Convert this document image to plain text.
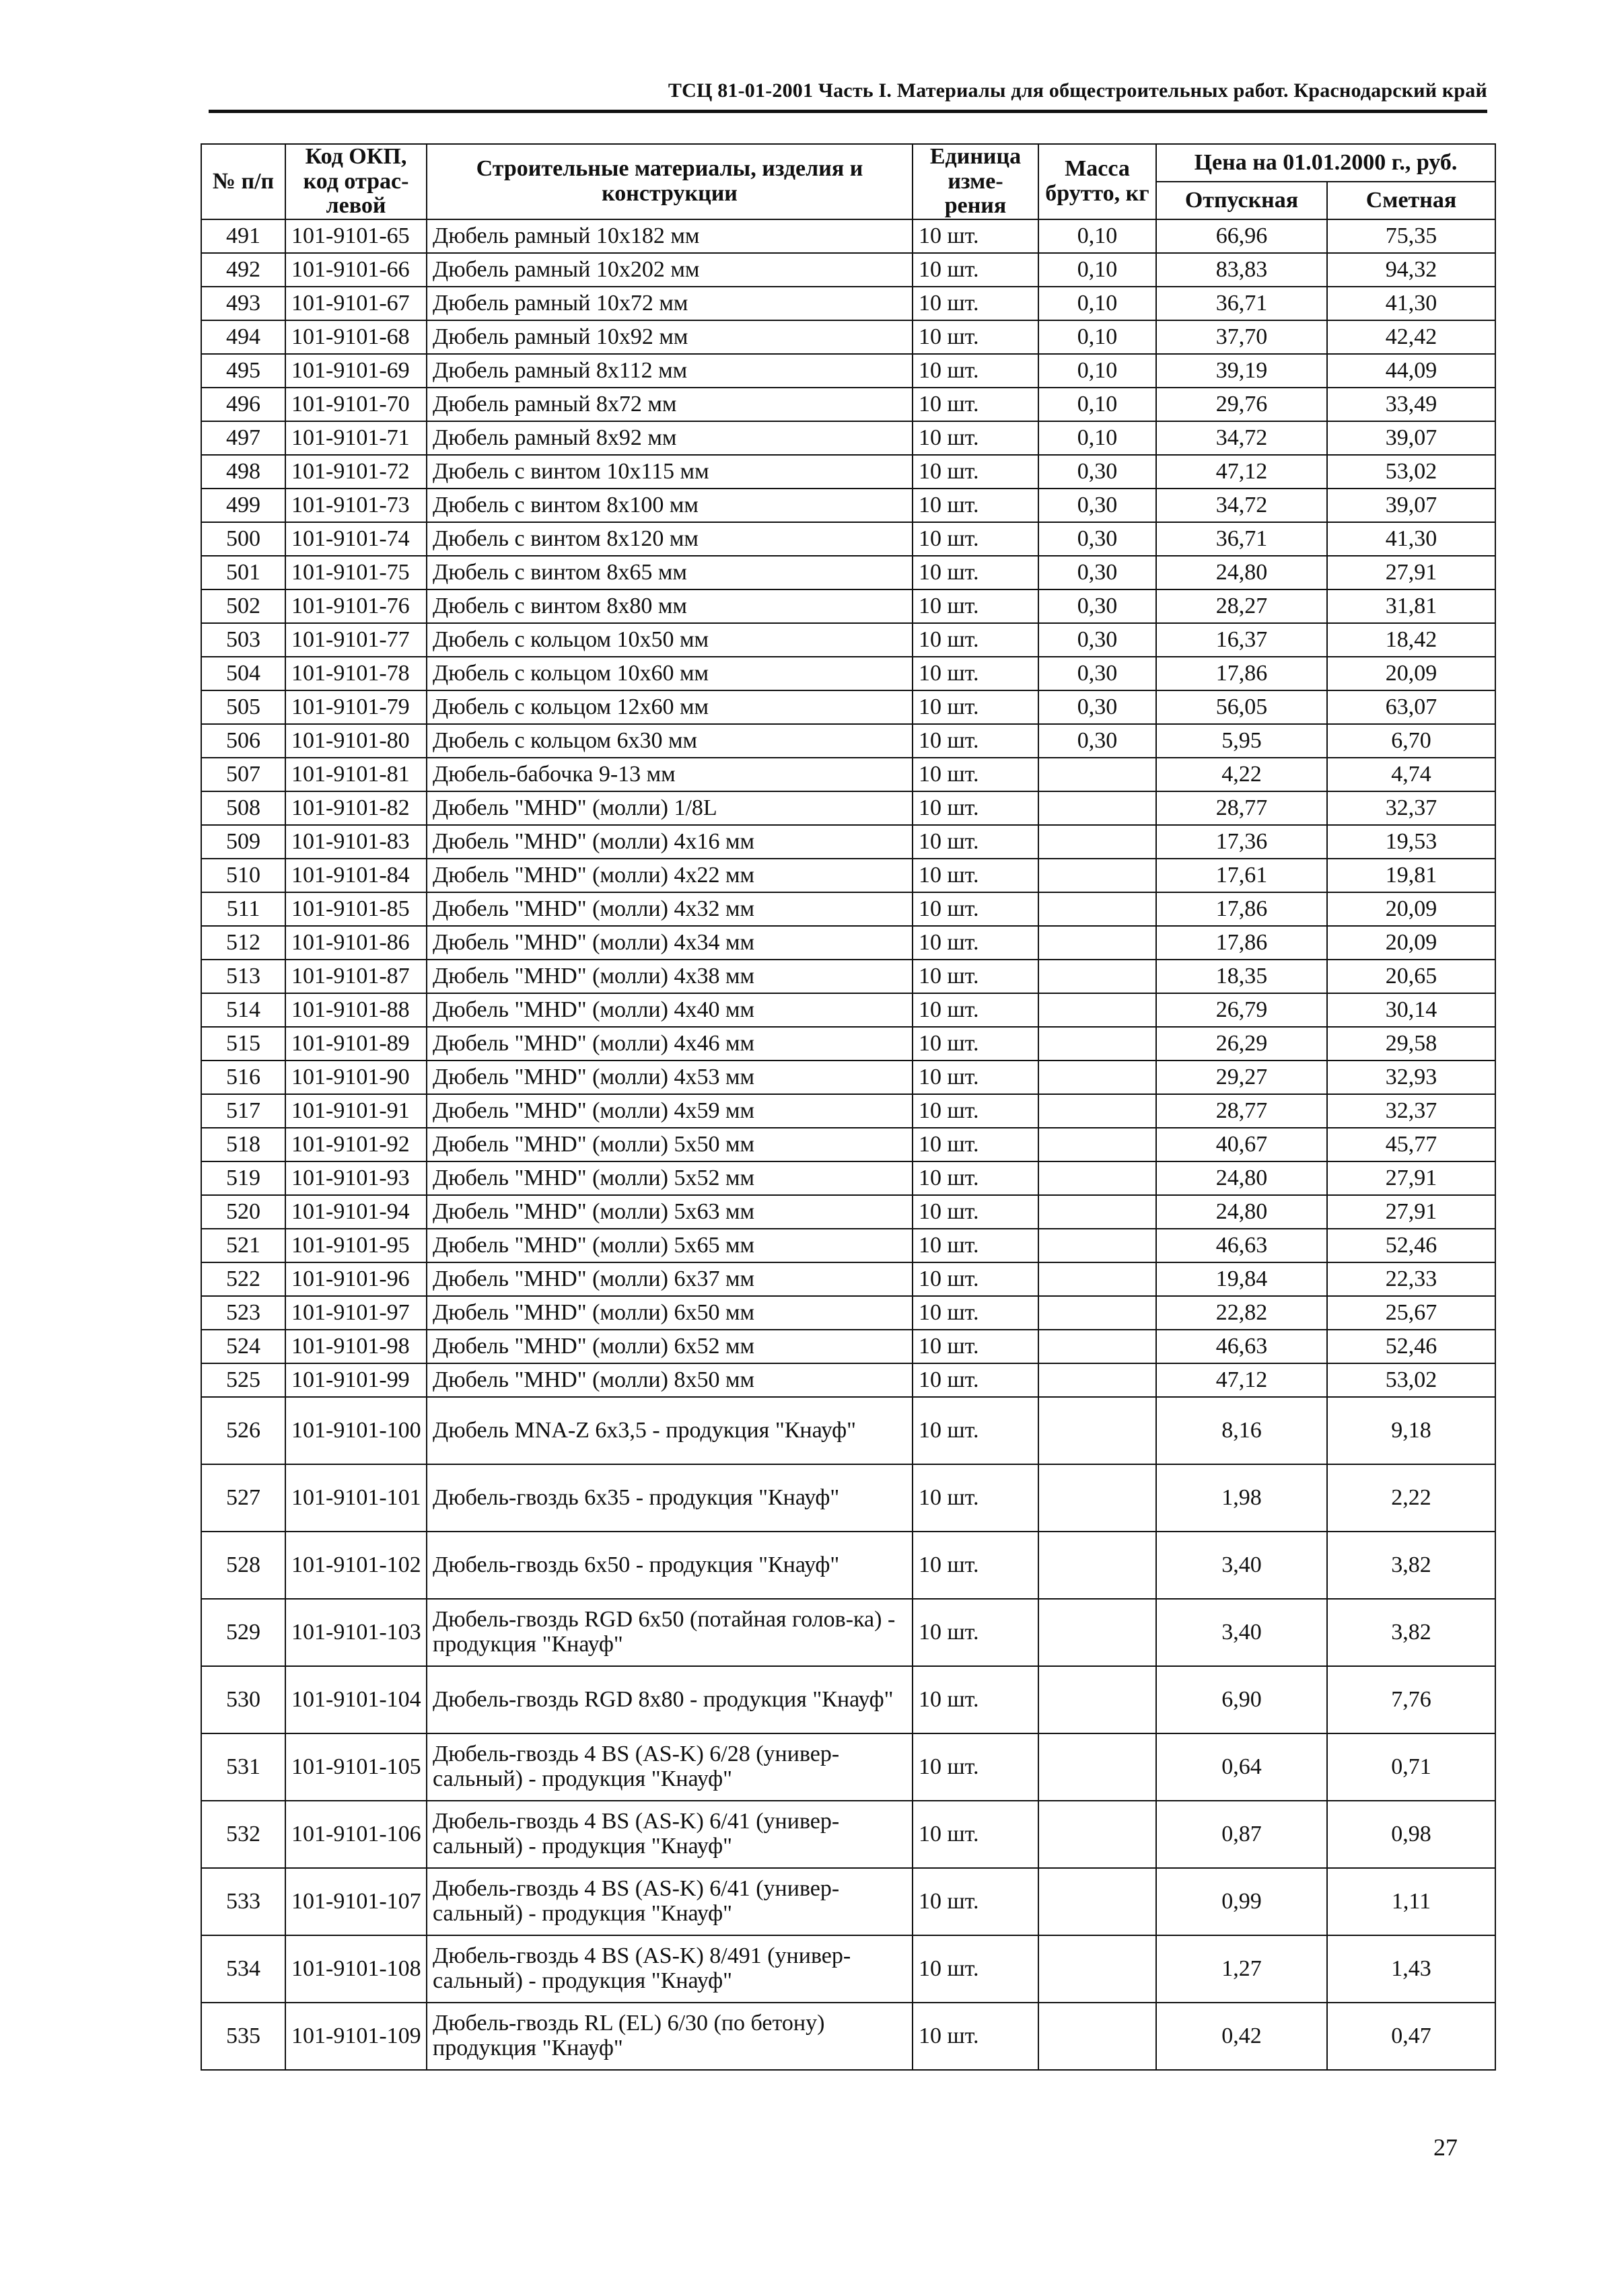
ТСЦ 81-01-2001 Часть I. Материалы для общестроительных работ. Краснодарский край
№ п/п	Код ОКП, код отрас-левой	Строительные материалы, изделия и конструкции	Единица изме-рения	Масса брутто, кг	Цена на 01.01.2000 г., руб.	
					Отпускная	Сметная
491	101-9101-65	Дюбель рамный 10х182 мм	10 шт.	0,10	66,96	75,35
492	101-9101-66	Дюбель рамный 10х202 мм	10 шт.	0,10	83,83	94,32
493	101-9101-67	Дюбель рамный 10х72 мм	10 шт.	0,10	36,71	41,30
494	101-9101-68	Дюбель рамный 10х92 мм	10 шт.	0,10	37,70	42,42
495	101-9101-69	Дюбель рамный 8х112 мм	10 шт.	0,10	39,19	44,09
496	101-9101-70	Дюбель рамный 8х72 мм	10 шт.	0,10	29,76	33,49
497	101-9101-71	Дюбель рамный 8х92 мм	10 шт.	0,10	34,72	39,07
498	101-9101-72	Дюбель с винтом 10х115 мм	10 шт.	0,30	47,12	53,02
499	101-9101-73	Дюбель с винтом 8х100 мм	10 шт.	0,30	34,72	39,07
500	101-9101-74	Дюбель с винтом 8х120 мм	10 шт.	0,30	36,71	41,30
501	101-9101-75	Дюбель с винтом 8х65 мм	10 шт.	0,30	24,80	27,91
502	101-9101-76	Дюбель с винтом 8х80 мм	10 шт.	0,30	28,27	31,81
503	101-9101-77	Дюбель с кольцом 10х50 мм	10 шт.	0,30	16,37	18,42
504	101-9101-78	Дюбель с кольцом 10х60 мм	10 шт.	0,30	17,86	20,09
505	101-9101-79	Дюбель с кольцом 12х60 мм	10 шт.	0,30	56,05	63,07
506	101-9101-80	Дюбель с кольцом 6х30 мм	10 шт.	0,30	5,95	6,70
507	101-9101-81	Дюбель-бабочка 9-13 мм	10 шт.		4,22	4,74
508	101-9101-82	Дюбель "MHD" (молли) 1/8L	10 шт.		28,77	32,37
509	101-9101-83	Дюбель "MHD" (молли) 4х16 мм	10 шт.		17,36	19,53
510	101-9101-84	Дюбель "MHD" (молли) 4х22 мм	10 шт.		17,61	19,81
511	101-9101-85	Дюбель "MHD" (молли) 4х32 мм	10 шт.		17,86	20,09
512	101-9101-86	Дюбель "MHD" (молли) 4х34 мм	10 шт.		17,86	20,09
513	101-9101-87	Дюбель "MHD" (молли) 4х38 мм	10 шт.		18,35	20,65
514	101-9101-88	Дюбель "MHD" (молли) 4х40 мм	10 шт.		26,79	30,14
515	101-9101-89	Дюбель "MHD" (молли) 4х46 мм	10 шт.		26,29	29,58
516	101-9101-90	Дюбель "MHD" (молли) 4х53 мм	10 шт.		29,27	32,93
517	101-9101-91	Дюбель "MHD" (молли) 4х59 мм	10 шт.		28,77	32,37
518	101-9101-92	Дюбель "MHD" (молли) 5х50 мм	10 шт.		40,67	45,77
519	101-9101-93	Дюбель "MHD" (молли) 5х52 мм	10 шт.		24,80	27,91
520	101-9101-94	Дюбель "MHD" (молли) 5х63 мм	10 шт.		24,80	27,91
521	101-9101-95	Дюбель "MHD" (молли) 5х65 мм	10 шт.		46,63	52,46
522	101-9101-96	Дюбель "MHD" (молли) 6х37 мм	10 шт.		19,84	22,33
523	101-9101-97	Дюбель "MHD" (молли) 6х50 мм	10 шт.		22,82	25,67
524	101-9101-98	Дюбель "MHD" (молли) 6х52 мм	10 шт.		46,63	52,46
525	101-9101-99	Дюбель "MHD" (молли) 8х50 мм	10 шт.		47,12	53,02
526	101-9101-100	Дюбель MNA-Z 6х3,5 - продукция "Кнауф"	10 шт.		8,16	9,18
527	101-9101-101	Дюбель-гвоздь 6х35 - продукция "Кнауф"	10 шт.		1,98	2,22
528	101-9101-102	Дюбель-гвоздь 6х50 - продукция "Кнауф"	10 шт.		3,40	3,82
529	101-9101-103	Дюбель-гвоздь RGD 6х50 (потайная голов-ка) - продукция "Кнауф"	10 шт.		3,40	3,82
530	101-9101-104	Дюбель-гвоздь RGD 8х80 - продукция "Кнауф"	10 шт.		6,90	7,76
531	101-9101-105	Дюбель-гвоздь 4 BS (AS-K) 6/28 (универ-сальный) - продукция "Кнауф"	10 шт.		0,64	0,71
532	101-9101-106	Дюбель-гвоздь 4 BS (AS-K) 6/41 (универ-сальный) - продукция "Кнауф"	10 шт.		0,87	0,98
533	101-9101-107	Дюбель-гвоздь 4 BS (AS-K) 6/41 (универ-сальный) - продукция "Кнауф"	10 шт.		0,99	1,11
534	101-9101-108	Дюбель-гвоздь 4 BS (AS-K) 8/491 (универ-сальный) - продукция "Кнауф"	10 шт.		1,27	1,43
535	101-9101-109	Дюбель-гвоздь RL (EL) 6/30 (по бетону) продукция "Кнауф"	10 шт.		0,42	0,47
27
